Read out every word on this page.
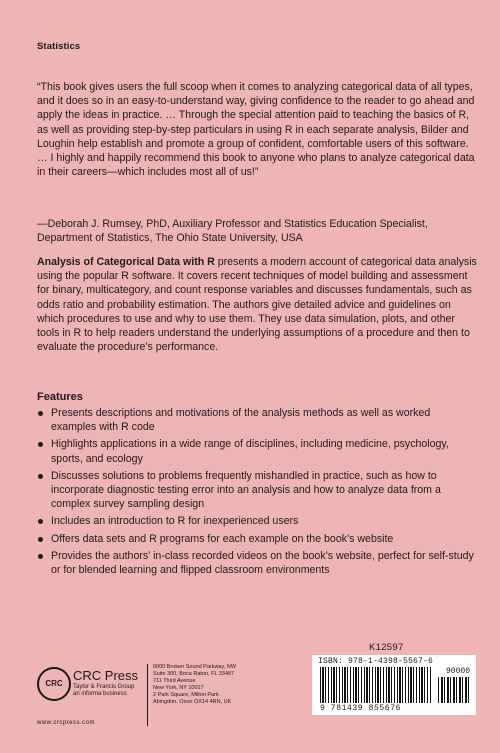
Statistics
“This book gives users the full scoop when it comes to analyzing categorical data of all types, and it does so in an easy-to-understand way, giving confidence to the reader to go ahead and apply the ideas in practice. … Through the special attention paid to teaching the basics of R, as well as providing step-by-step particulars in using R in each separate analysis, Bilder and Loughin help establish and promote a group of confident, comfortable users of this software. … I highly and happily recommend this book to anyone who plans to analyze categorical data in their careers—which includes most all of us!”
—Deborah J. Rumsey, PhD, Auxiliary Professor and Statistics Education Specialist, Department of Statistics, The Ohio State University, USA
Analysis of Categorical Data with R presents a modern account of categorical data analysis using the popular R software. It covers recent techniques of model building and assessment for binary, multicategory, and count response variables and discusses fundamentals, such as odds ratio and probability estimation. The authors give detailed advice and guidelines on which procedures to use and why to use them. They use data simulation, plots, and other tools in R to help readers understand the underlying assumptions of a procedure and then to evaluate the procedure’s performance.
Features
Presents descriptions and motivations of the analysis methods as well as worked examples with R code
Highlights applications in a wide range of disciplines, including medicine, psychology, sports, and ecology
Discusses solutions to problems frequently mishandled in practice, such as how to incorporate diagnostic testing error into an analysis and how to analyze data from a complex survey sampling design
Includes an introduction to R for inexperienced users
Offers data sets and R programs for each example on the book’s website
Provides the authors’ in-class recorded videos on the book’s website, perfect for self-study or for blended learning and flipped classroom environments
K12597
ISBN: 978-1-4398-5567-6
90000
9 781439 855676
CRC
CRC Press
Taylor & Francis Group
an informa business
www.crcpress.com
6000 Broken Sound Parkway, NW
Suite 300, Boca Raton, FL 33487
711 Third Avenue
New York, NY 10017
2 Park Square, Milton Park
Abingdon, Oxon OX14 4RN, UK
